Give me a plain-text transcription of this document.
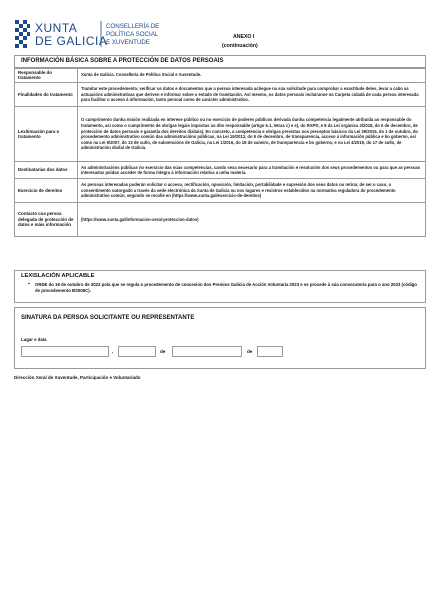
XUNTA
DE GALICIA
CONSELLERÍA DE
POLÍTICA SOCIAL
E XUVENTUDE
ANEXO I
(continuación)
INFORMACIÓN BÁSICA SOBRE A PROTECCIÓN DE DATOS PERSOAIS
Responsable do tratamento	Xunta de Galicia. Consellería de Política Social e Xuventude.
Finalidades do tratamento	Tramitar este procedemento, verificar os datos e documentos que a persoa interesada achegue na súa solicitude para comprobar a exactitude deles, levar a cabo as actuacións administrativas que deriven e informar sobre o estado de tramitación. Así mesmo, os datos persoais incluíranse na Carpeta cidadá de cada persoa interesada para facilitar o acceso á información, tanto persoal como de carácter administrativo.
Lexitimación para o tratamento	O cumprimento dunha misión realizada en interese público ou no exercicio de poderes públicos derivada dunha competencia legalmente atribuída ao responsable do tratamento, así como o cumprimento de obrigas legais impostas ao dito responsable (artigo 6.1, letras c) e e), do RXPD, e 8 da Lei orgánica 3/2018, do 5 de decembro, de protección de datos persoais e garantía dos dereitos dixitais). En concreto, a competencia e obrigas previstas nos preceptos básicos da Lei 39/2015, do 1 de outubro, do procedemento administrativo común das administracións públicas, na Lei 19/2013, do 9 de decembro, de transparencia, acceso á información pública e bo goberno, así como na Lei 9/2007, do 13 de xuño, de subvencións de Galicia, na Lei 1/2016, do 18 de xaneiro, de transparencia e bo goberno, e na Lei 4/2019, do 17 de xullo, de administración dixital de Galicia.
Destinatarias dos datos	As administracións públicas no exercicio das súas competencias, cando sexa necesario para a tramitación e resolución dos seus procedementos ou para que as persoas interesadas poidan acceder de forma íntegra á información relativa a unha materia.
Exercicio de dereitos	As persoas interesadas poderán solicitar o acceso, rectificación, oposición, limitación, portabilidade e supresión dos seus datos ou retirar, de ser o caso, o consentimento outorgado a través da sede electrónica da Xunta de Galicia ou nos lugares e rexistros establecidos na normativa reguladora do procedemento administrativo común, segundo se recolle en (https://www.xunta.gal/exercicio-de-dereitos)
Contacto coa persoa delegada de protección de datos e máis información	(https://www.xunta.gal/informacion-xeral-proteccion-datos)
LEXISLACIÓN APLICABLE
▪ ORDE do 18 de outubro de 2023 pola que se regula o procedemento de concesión dos Premios Galicia de Acción Voluntaria 2023 e se procede á súa convocatoria para o ano 2023 (código de procedemento BS505C).
SINATURA DA PERSOA SOLICITANTE OU REPRESENTANTE
Lugar e data
,	de	de
Dirección Xeral de Xuventude, Participación e Voluntariado
